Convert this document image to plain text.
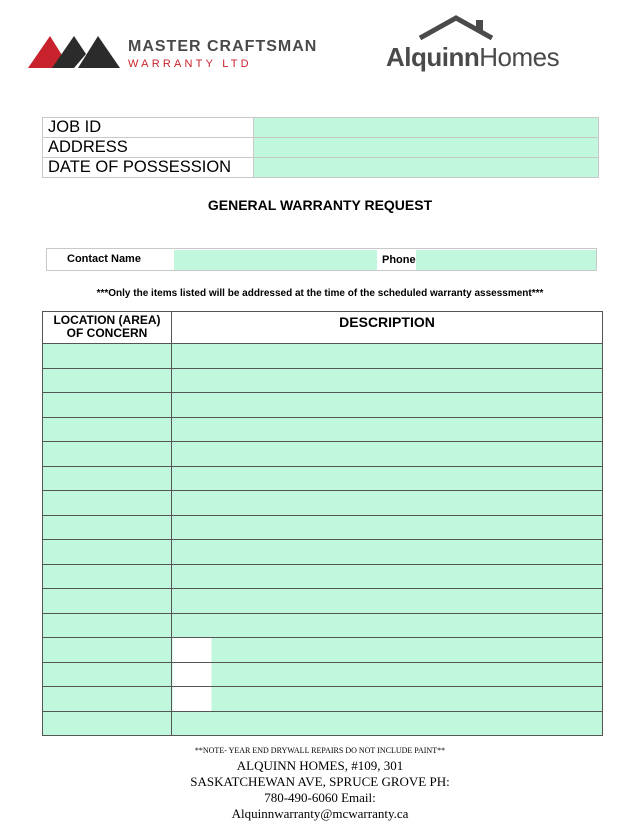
MASTER CRAFTSMAN
WARRANTY LTD	AlquinnHomes
JOB ID	
ADDRESS	
DATE OF POSSESSION	
GENERAL WARRANTY REQUEST
Contact Name	Phone
***Only the items listed will be addressed at the time of the scheduled warranty assessment***
LOCATION (AREA)
OF CONCERN	DESCRIPTION

**NOTE- YEAR END DRYWALL REPAIRS DO NOT INCLUDE PAINT**
ALQUINN HOMES, #109, 301
SASKATCHEWAN AVE, SPRUCE GROVE PH:
780-490-6060 Email:
Alquinnwarranty@mcwarranty.ca
